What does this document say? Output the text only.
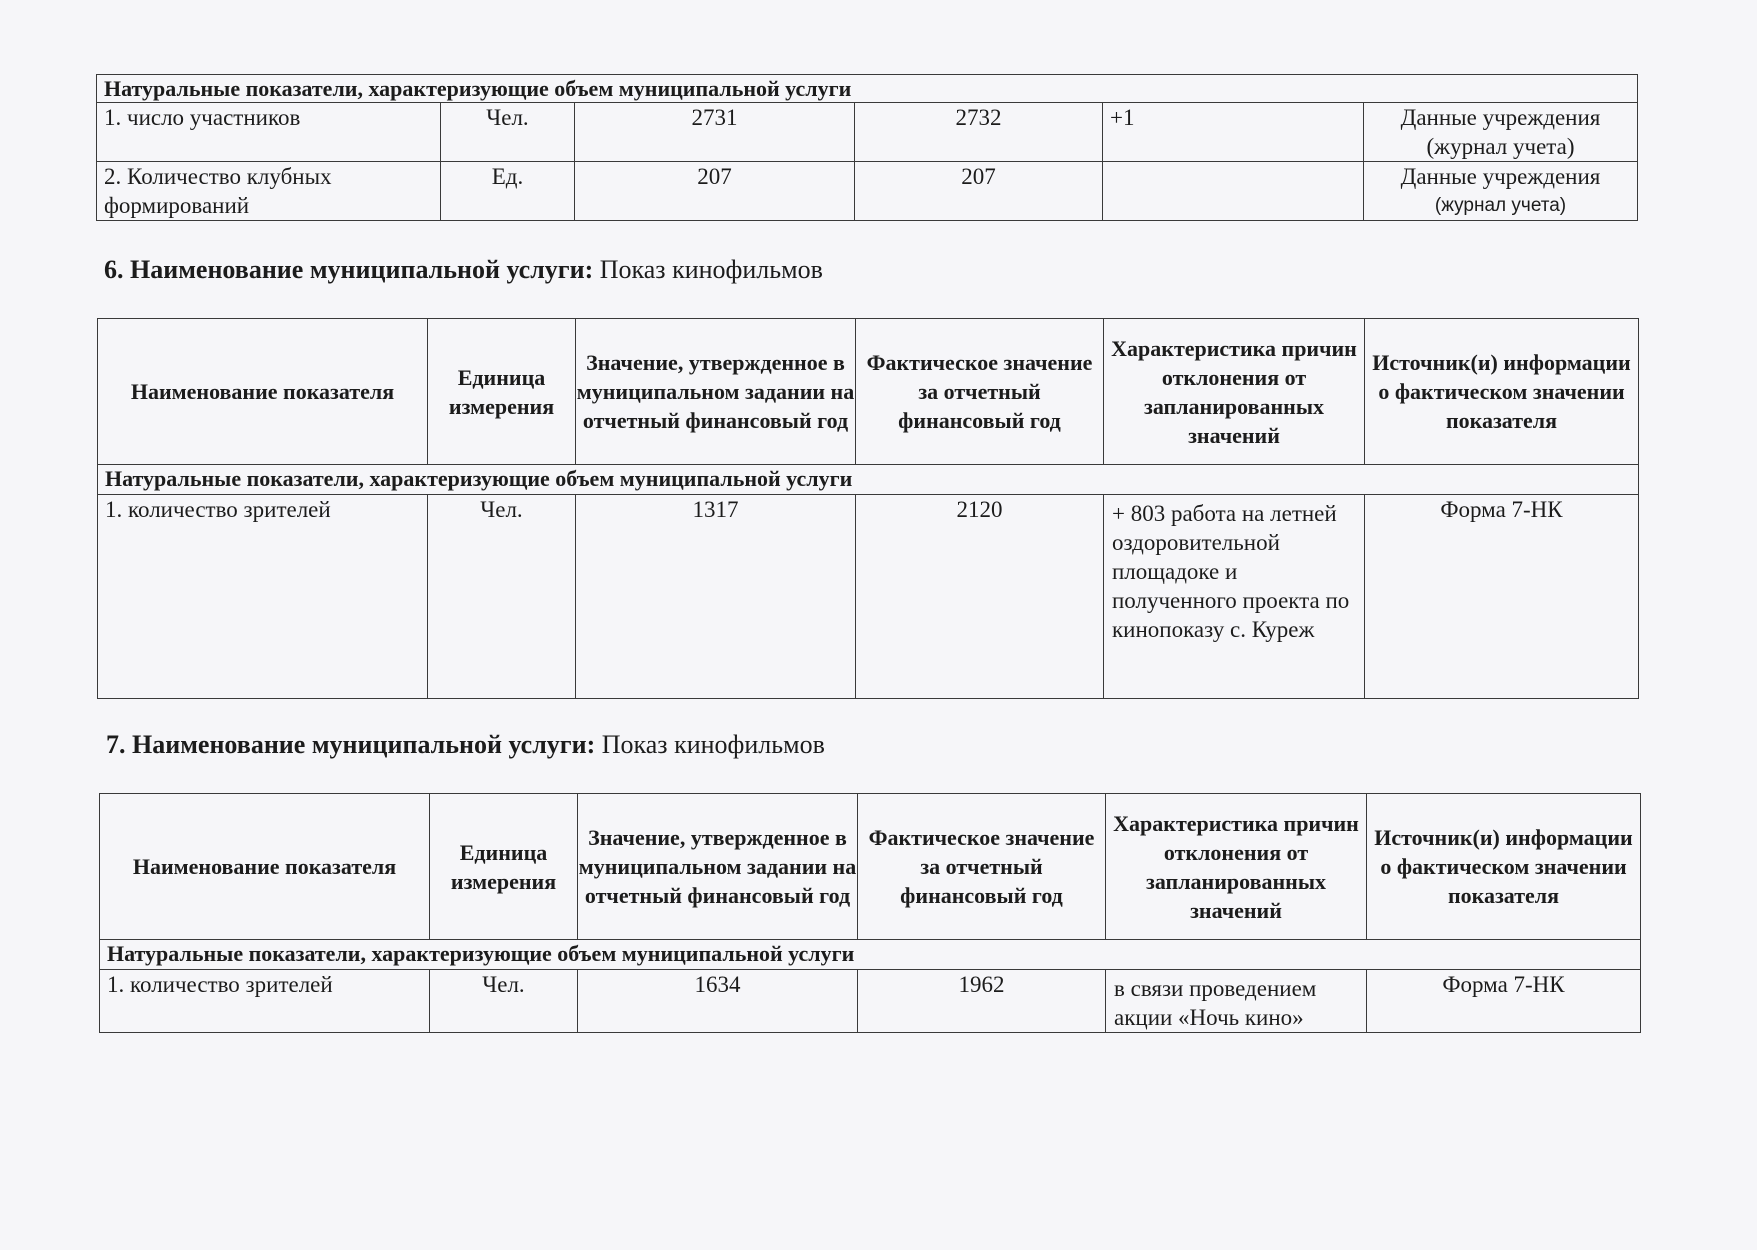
Натуральные показатели, характеризующие объем муниципальной услуги					
1. число участников	Чел.	2731	2732	+1	Данные учреждения
(журнал учета)

2. Количество клубных формирований	Ед.	207	207		Данные учреждения
(журнал учета)
6. Наименование муниципальной услуги: Показ кинофильмов
Наименование показателя	Единица измерения	Значение, утвержденное в муниципальном задании на отчетный финансовый год	Фактическое значение за отчетный финансовый год	Характеристика причин отклонения от запланированных значений	Источник(и) информации о фактическом значении показателя
Натуральные показатели, характеризующие объем муниципальной услуги					
1. количество зрителей	Чел.	1317	2120	+ 803 работа на летней оздоровительной площадоке и полученного проекта по кинопоказу с. Куреж	Форма 7-НК
7. Наименование муниципальной услуги: Показ кинофильмов
Наименование показателя	Единица измерения	Значение, утвержденное в муниципальном задании на отчетный финансовый год	Фактическое значение за отчетный финансовый год	Характеристика причин отклонения от запланированных значений	Источник(и) информации о фактическом значении показателя
Натуральные показатели, характеризующие объем муниципальной услуги					
1. количество зрителей	Чел.	1634	1962	в связи проведением акции «Ночь кино»	Форма 7-НК
